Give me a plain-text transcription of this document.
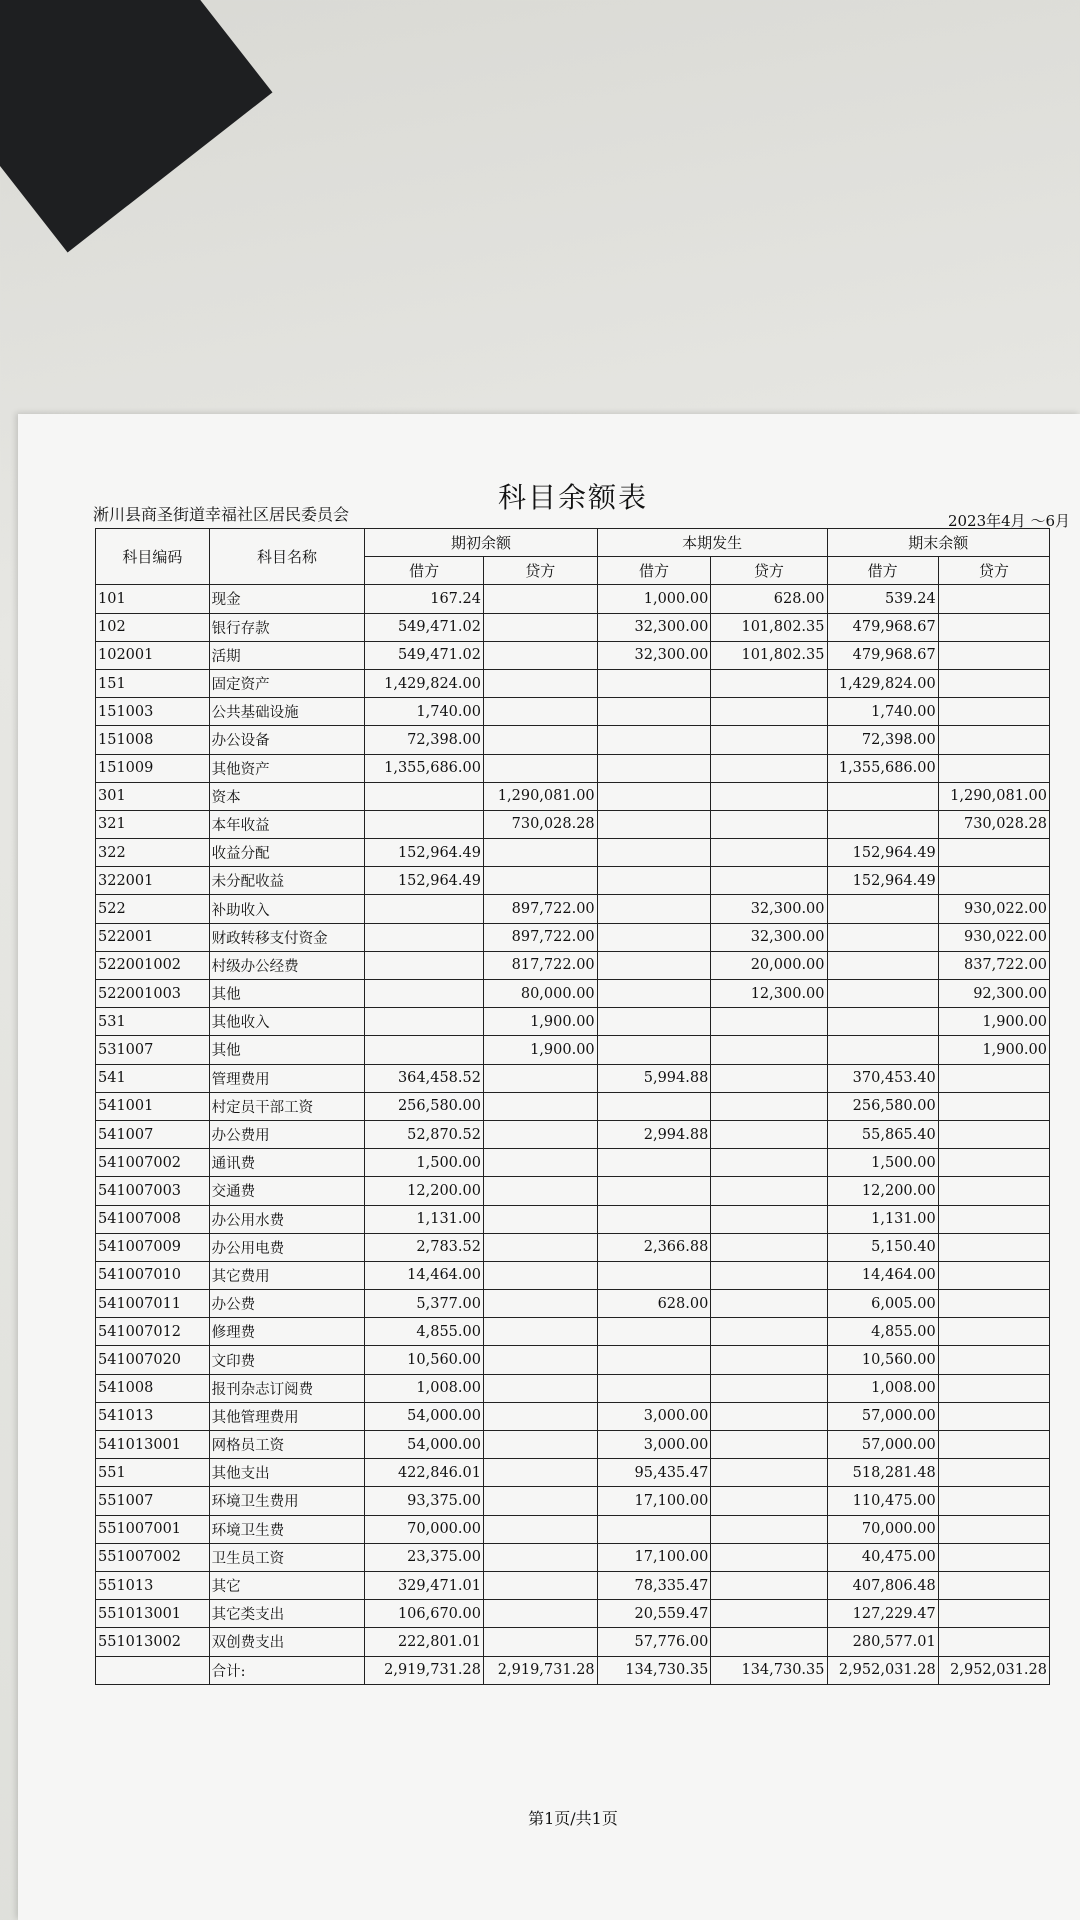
科目余额表
淅川县商圣街道幸福社区居民委员会	2023年4月 ～6月
科目编码	科目名称	期初余额		本期发生		期末余额	
		借方	贷方	借方	贷方	借方	贷方
101	现金	167.24		1,000.00	628.00	539.24	
102	银行存款	549,471.02		32,300.00	101,802.35	479,968.67	
102001	活期	549,471.02		32,300.00	101,802.35	479,968.67	
151	固定资产	1,429,824.00				1,429,824.00	
151003	公共基础设施	1,740.00				1,740.00	
151008	办公设备	72,398.00				72,398.00	
151009	其他资产	1,355,686.00				1,355,686.00	
301	资本		1,290,081.00				1,290,081.00
321	本年收益		730,028.28				730,028.28
322	收益分配	152,964.49				152,964.49	
322001	未分配收益	152,964.49				152,964.49	
522	补助收入		897,722.00		32,300.00		930,022.00
522001	财政转移支付资金		897,722.00		32,300.00		930,022.00
522001002	村级办公经费		817,722.00		20,000.00		837,722.00
522001003	其他		80,000.00		12,300.00		92,300.00
531	其他收入		1,900.00				1,900.00
531007	其他		1,900.00				1,900.00
541	管理费用	364,458.52		5,994.88		370,453.40	
541001	村定员干部工资	256,580.00				256,580.00	
541007	办公费用	52,870.52		2,994.88		55,865.40	
541007002	通讯费	1,500.00				1,500.00	
541007003	交通费	12,200.00				12,200.00	
541007008	办公用水费	1,131.00				1,131.00	
541007009	办公用电费	2,783.52		2,366.88		5,150.40	
541007010	其它费用	14,464.00				14,464.00	
541007011	办公费	5,377.00		628.00		6,005.00	
541007012	修理费	4,855.00				4,855.00	
541007020	文印费	10,560.00				10,560.00	
541008	报刊杂志订阅费	1,008.00				1,008.00	
541013	其他管理费用	54,000.00		3,000.00		57,000.00	
541013001	网格员工资	54,000.00		3,000.00		57,000.00	
551	其他支出	422,846.01		95,435.47		518,281.48	
551007	环境卫生费用	93,375.00		17,100.00		110,475.00	
551007001	环境卫生费	70,000.00				70,000.00	
551007002	卫生员工资	23,375.00		17,100.00		40,475.00	
551013	其它	329,471.01		78,335.47		407,806.48	
551013001	其它类支出	106,670.00		20,559.47		127,229.47	
551013002	双创费支出	222,801.01		57,776.00		280,577.01	
	合计:	2,919,731.28	2,919,731.28	134,730.35	134,730.35	2,952,031.28	2,952,031.28
第1页/共1页
